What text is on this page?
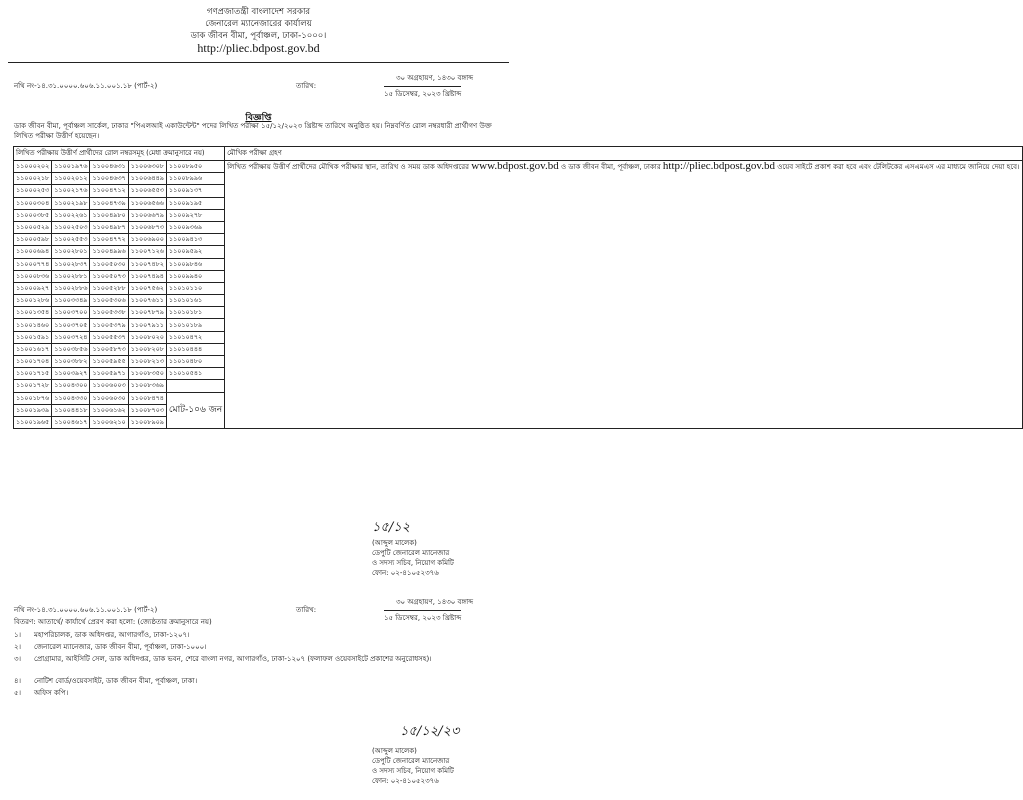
গণপ্রজাতন্ত্রী বাংলাদেশ সরকার
জেনারেল ম্যানেজারের কার্যালয়
ডাক জীবন বীমা, পূর্বাঞ্চল, ঢাকা-১০০০।
http://pliec.bdpost.gov.bd
নথি নং-১৪.৩১.০০০০.৬০৬.১১.০০১.১৮ (পার্ট-২)	তারিখ:
৩০ অগ্রহায়ণ, ১৪৩০ বঙ্গাব্দ
১৫ ডিসেম্বর, ২০২৩ খ্রিষ্টাব্দ
বিজ্ঞপ্তি
ডাক জীবন বীমা, পূর্বাঞ্চল সার্কেল, ঢাকার "পিএলআই একাউন্টেন্ট" পদের লিখিত পরীক্ষা ১৫/১২/২০২৩ খ্রিষ্টাব্দ তারিখে অনুষ্ঠিত হয়। নিম্নবর্ণিত রোল নম্বরধারী প্রার্থীগণ উক্ত লিখিত পরীক্ষা উত্তীর্ণ হয়েছেন।
লিখিত পরীক্ষায় উত্তীর্ণ প্রার্থীদের রোল নম্বরসমূহ (মেধা ক্রমানুসারে নয়)					মৌখিক পরীক্ষা গ্রহণ
১১০০০২০২	১১০০১৯৭৬	১১০০৪৬৩১	১১০০৬৩০৮	১১০০৮৯৫০	লিখিত পরীক্ষায় উত্তীর্ণ প্রার্থীদের মৌখিক পরীক্ষার স্থান, তারিখ ও সময় ডাক অধিদপ্তরের www.bdpost.gov.bd ও ডাক জীবন বীমা, পূর্বাঞ্চল, ঢাকার http://pliec.bdpost.gov.bd ওয়েব সাইটে প্রকাশ করা হবে এবং টেলিটকের এসএমএস এর মাধ্যমে জানিয়ে দেয়া হবে।
১১০০০২১৮	১১০০২০১২	১১০০৪৬৩৭	১১০০৬৪৪৯	১১০০৮৯৯৬	
১১০০০২৫৩	১১০০২১৭৬	১১০০৪৭১২	১১০০৬৫৫৩	১১০০৯১৩৭	
১১০০০৩০৪	১১০০২১৯৮	১১০০৪৭৩৯	১১০০৬৫৬৬	১১০০৯১৯৫	
১১০০০৩৮৫	১১০০২২৬১	১১০০৪৯৮০	১১০০৬৬৭৯	১১০০৯২৭৮	
১১০০০৫২৯	১১০০২৫০৩	১১০০৪৯৮৭	১১০০৬৮৭৩	১১০০৯৩৬৯	
১১০০০৫৯৮	১১০০২৫৫৩	১১০০৪৭৭২	১১০০৬৯০০	১১০০৯৪১৩	
১১০০০৬৯৪	১১০০২৮০১	১১০০৪৯৯৬	১১০০৭১২৬	১১০০৯৫৯২	
১১০০০৭৭৪	১১০০২৮৩৭	১১০০৫০৩০	১১০০৭৪৮২	১১০০৯৮৪৬	
১১০০০৮৩৬	১১০০২৮৮১	১১০০৫০৭৩	১১০০৭৪৯৪	১১০০৯৯৪০	
১১০০০৯২৭	১১০০২৮৮৬	১১০০৫২৮৮	১১০০৭৫৬২	১১০১০১১০	
১১০০১২৮৬	১১০০৩৩৪৯	১১০০৫৩০৬	১১০০৭৬১১	১১০১০১৬১	
১১০০১৩৫৪	১১০০৩৭০০	১১০০৫৩৩৮	১১০০৭৮৭৯	১১০১০১৮১	
১১০০১৪৬০	১১০০৩৭০৫	১১০০৫৩৭৯	১১০০৭৯১১	১১০১০১৮৯	
১১০০১৫৯১	১১০০৩৭২৪	১১০০৫৫৩৭	১১০০৮০২০	১১০১০৪৭২	
১১০০১৬১৭	১১০০৩৮৫৬	১১০০৫৮৭৩	১১০০৮২০৮	১১০১০৪৪৪	
১১০০১৭০৪	১১০০৩৮৮২	১১০০৫৯৫৫	১১০০৮২১৩	১১০১০৪৮০	
১১০০১৭১৫	১১০০৩৯২৭	১১০০৫৯৭১	১১০০৮৩৫০	১১০১০৫৪১	
১১০০১৭২৮	১১০০৪৩০০	১১০০৬০০৩	১১০০৮৩৬৯		
১১০০১৮৭৬	১১০০৪৩৩০	১১০০৬০৩০	১১০০৮৪৭৪	মোট-১০৬ জন	
১১০০১৯৩৯	১১০০৪৪১৮	১১০০৬১৬২	১১০০৮৭০৩		
১১০০১৯৬৫	১১০০৪৬১৭	১১০০৬২১০	১১০০৮৯০৯		
১৫/১২
(আব্দুল মালেক)
ডেপুটি জেনারেল ম্যানেজার
ও সদস্য সচিব, নিয়োগ কমিটি
ফোন: ০২-৪১০৫২৩৭৬
নথি নং-১৪.৩১.০০০০.৬০৬.১১.০০১.১৮ (পার্ট-২)	তারিখ:
৩০ অগ্রহায়ণ, ১৪৩০ বঙ্গাব্দ
১৫ ডিসেম্বর, ২০২৩ খ্রিষ্টাব্দ
বিতরণ: আতার্থে/ কার্যার্থে প্রেরণ করা হলো: (জ্যেষ্ঠতার ক্রমানুসারে নয়)
১। মহাপরিচালক, ডাক অধিদপ্তর, আগারগাঁও, ঢাকা-১২০৭।
২। জেনারেল ম্যানেজার, ডাক জীবন বীমা, পূর্বাঞ্চল, ঢাকা-১০০০।
৩। প্রোগ্রামার, আইসিটি সেল, ডাক অধিদপ্তর, ডাক ভবন, শেরে বাংলা নগর, আগারগাঁও, ঢাকা-১২০৭ (ফলাফল ওয়েবসাইটে প্রকাশের অনুরোধসহ)।
৪। নোটিশ বোর্ড/ওয়েবসাইট, ডাক জীবন বীমা, পূর্বাঞ্চল, ঢাকা।
৫। অফিস কপি।
১৫/১২/২৩
(আব্দুল মালেক)
ডেপুটি জেনারেল ম্যানেজার
ও সদস্য সচিব, নিয়োগ কমিটি
ফোন: ০২-৪১০৫২৩৭৬
